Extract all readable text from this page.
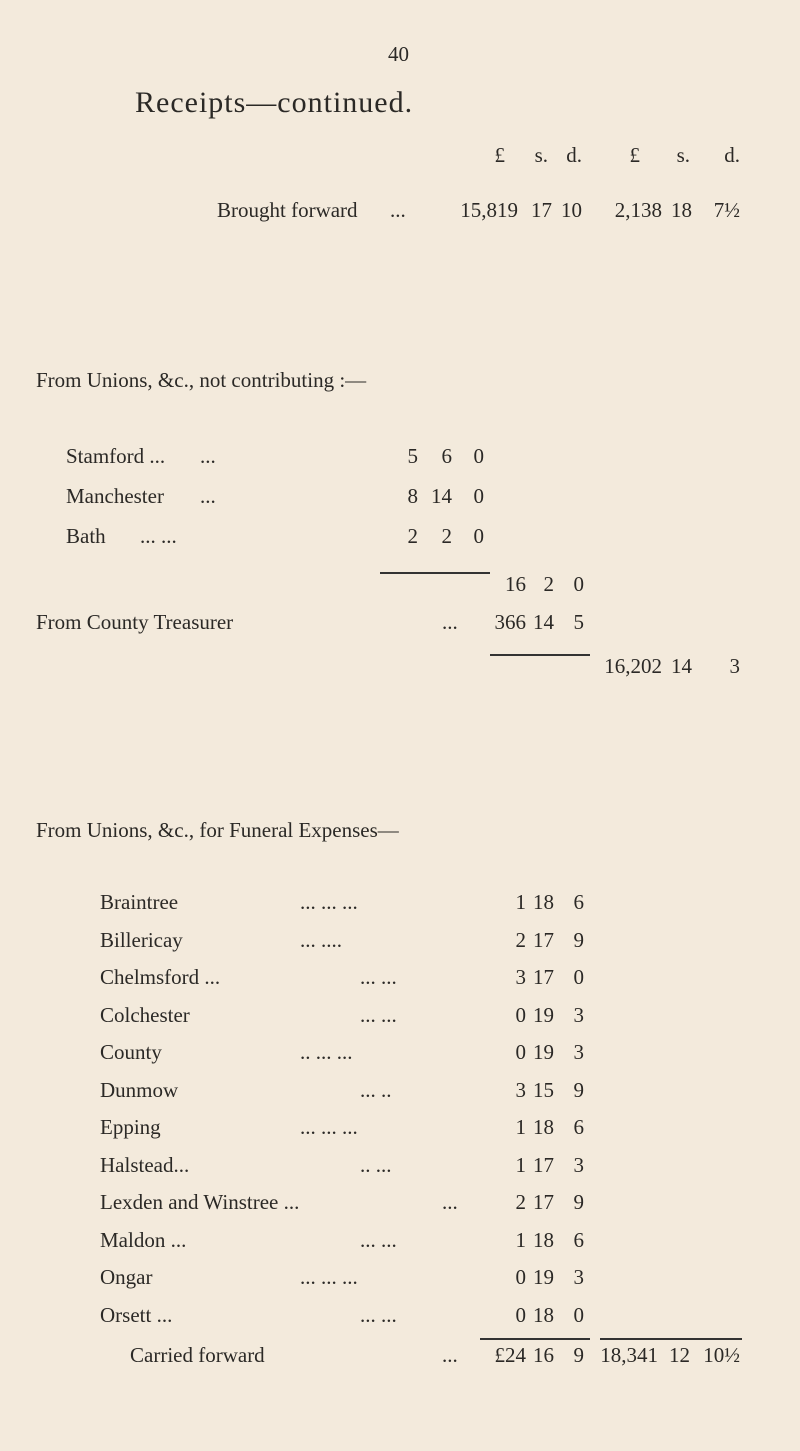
40
Receipts—continued.
£ s. d. £ s. d.
Brought forward ...	15,819 17 10 2,138 18 7½
From Unions, &c., not contributing :—
Stamford ... ...	5 6 0
Manchester ...	8 14 0
Bath ... ...	2 2 0
16 2 0
From County Treasurer	... 366 14 5
16,202 14 3
From Unions, &c., for Funeral Expenses—
Braintree	... ... ...	1 18 6
Billericay	... ....	2 17 9
Chelmsford ...	... ...	3 17 0
Colchester	... ...	0 19 3
County	.. ... ...	0 19 3
Dunmow	... ..	3 15 9
Epping	... ... ...	1 18 6
Halstead...	.. ...	1 17 3
Lexden and Winstree ...	...	2 17 9
Maldon ...	... ...	1 18 6
Ongar	... ... ...	0 19 3
Orsett ...	... ...	0 18 0
Carried forward	... £24 16 9 18,341 12 10½
